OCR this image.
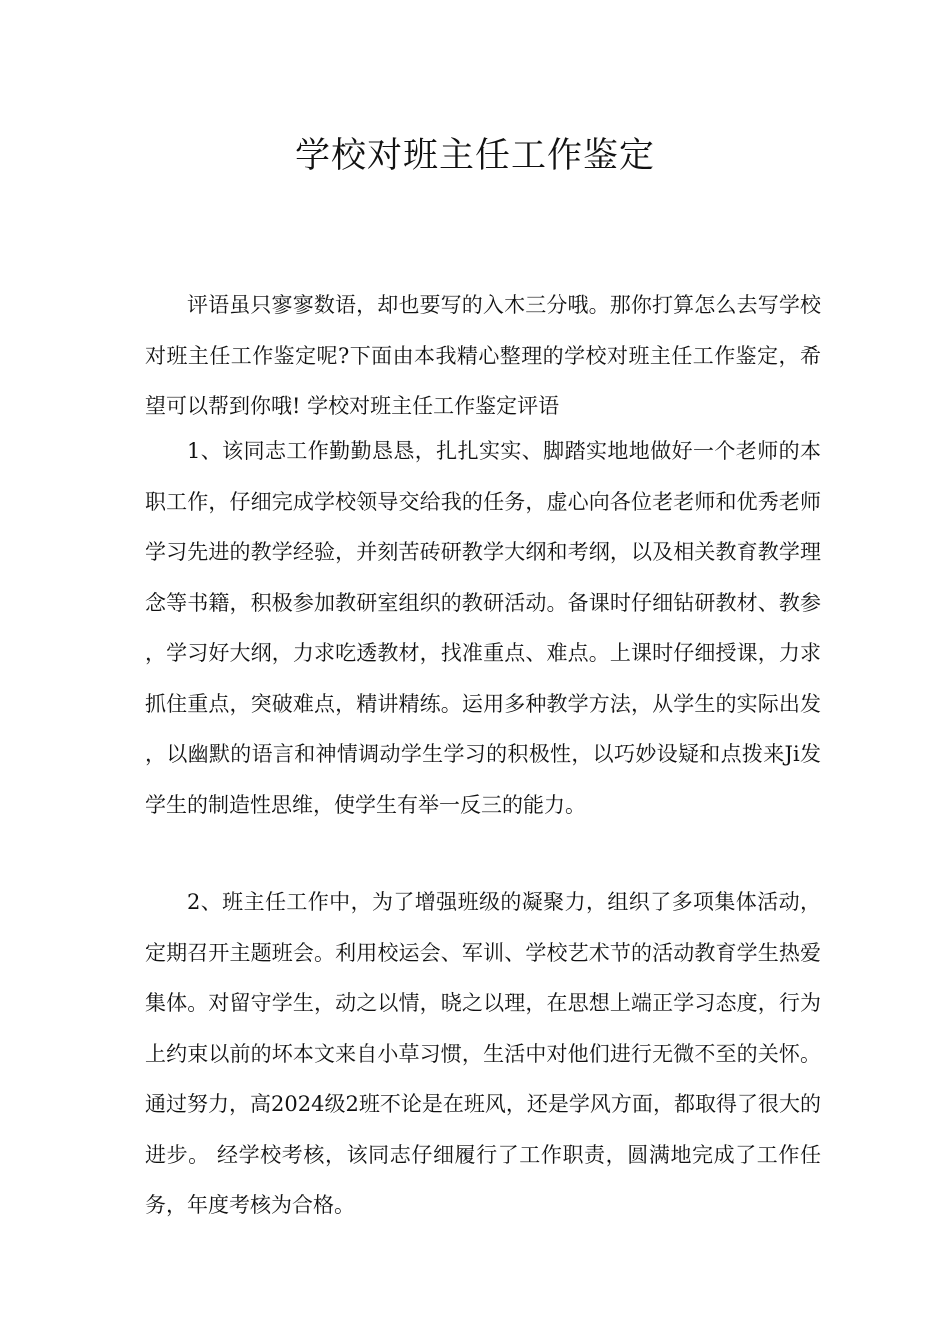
学校对班主任工作鉴定

评语虽只寥寥数语，却也要写的入木三分哦。那你打算怎么去写学校对班主任工作鉴定呢?下面由本我精心整理的学校对班主任工作鉴定，希望可以帮到你哦! 学校对班主任工作鉴定评语

1、该同志工作勤勤恳恳，扎扎实实、脚踏实地地做好一个老师的本职工作，仔细完成学校领导交给我的任务，虚心向各位老老师和优秀老师学习先进的教学经验，并刻苦砖研教学大纲和考纲，以及相关教育教学理念等书籍，积极参加教研室组织的教研活动。备课时仔细钻研教材、教参，学习好大纲，力求吃透教材，找准重点、难点。上课时仔细授课，力求抓住重点，突破难点，精讲精练。运用多种教学方法，从学生的实际出发，以幽默的语言和神情调动学生学习的积极性，以巧妙设疑和点拨来Ji发学生的制造性思维，使学生有举一反三的能力。

2、班主任工作中，为了增强班级的凝聚力，组织了多项集体活动，定期召开主题班会。利用校运会、军训、学校艺术节的活动教育学生热爱集体。对留守学生，动之以情，晓之以理，在思想上端正学习态度，行为上约束以前的坏本文来自小草习惯，生活中对他们进行无微不至的关怀。通过努力，高2024级2班不论是在班风，还是学风方面，都取得了很大的进步。 经学校考核，该同志仔细履行了工作职责，圆满地完成了工作任务，年度考核为合格。
